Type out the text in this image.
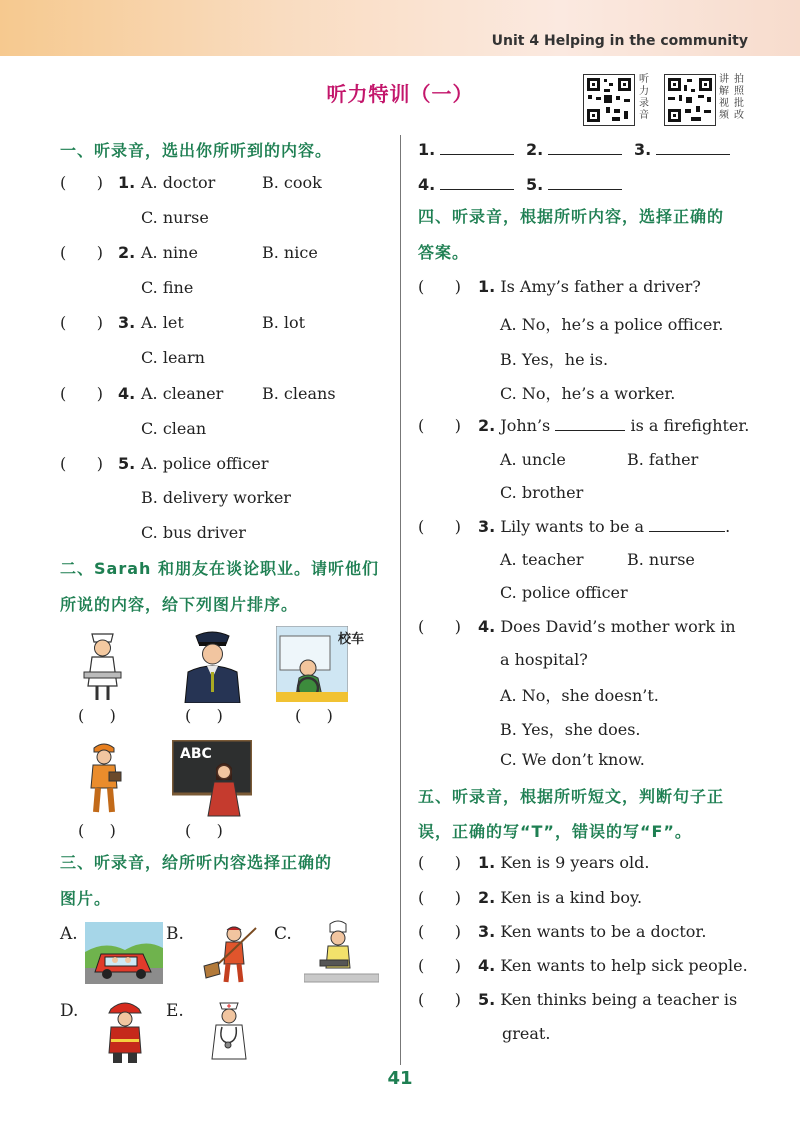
Unit 4 Helping in the community
听力特训（一）
听力录音
讲解视频
拍照批改
一、听录音，选出你所听到的内容。
(      ) 1. A. doctor	B. cook
C. nurse
(      ) 2. A. nine	B. nice
C. fine
(      ) 3. A. let	B. lot
C. learn
(      ) 4. A. cleaner B. cleans
C. clean
(      ) 5. A. police officer
B. delivery worker
C. bus driver
二、Sarah 和朋友在谈论职业。请听他们
所说的内容，给下列图片排序。
校车
(     )	(     )	(     )
ABC
(     )	(     )
三、听录音，给所听内容选择正确的
图片。
A.	B.	C.
D.	E.
1.	2.	3.
4.	5.
四、听录音，根据所听内容，选择正确的
答案。
(      ) 1. Is Amy’s father a driver?
A. No，he’s a police officer.
B. Yes，he is.
C. No，he’s a worker.
(      ) 2. John’s	is a firefighter.
A. uncle	B. father
C. brother
(      ) 3. Lily wants to be a	.
A. teacher	B. nurse
C. police officer
(      ) 4. Does David’s mother work in
a hospital?
A. No，she doesn’t.
B. Yes，she does.
C. We don’t know.
五、听录音，根据所听短文，判断句子正
误，正确的写“T”，错误的写“F”。
(      ) 1. Ken is 9 years old.
(      ) 2. Ken is a kind boy.
(      ) 3. Ken wants to be a doctor.
(      ) 4. Ken wants to help sick people.
(      ) 5. Ken thinks being a teacher is
great.
41
